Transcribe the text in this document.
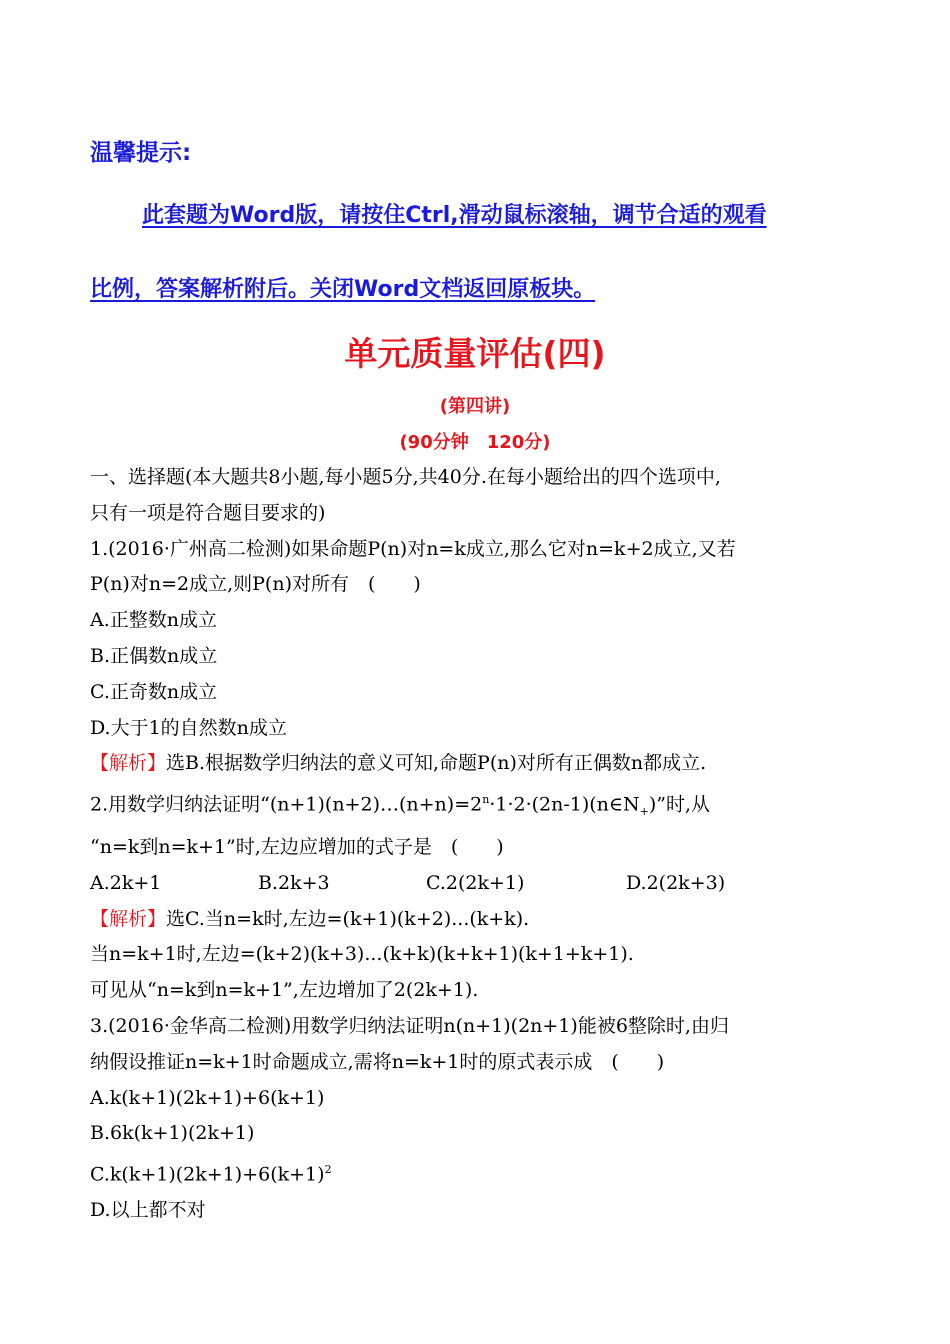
温馨提示:
此套题为Word版，请按住Ctrl,滑动鼠标滚轴，调节合适的观看
比例，答案解析附后。关闭Word文档返回原板块。
单元质量评估(四)
(第四讲)
(90分钟　120分)

一、选择题(本大题共8小题,每小题5分,共40分.在每小题给出的四个选项中,

只有一项是符合题目要求的)

1.(2016·广州高二检测)如果命题P(n)对n=k成立,那么它对n=k+2成立,又若

P(n)对n=2成立,则P(n)对所有　(　　)

A.正整数n成立

B.正偶数n成立

C.正奇数n成立

D.大于1的自然数n成立

【解析】选B.根据数学归纳法的意义可知,命题P(n)对所有正偶数n都成立.

2.用数学归纳法证明“$(n+1)(n+2)\dots(n+n)=2^n\cdot 1\cdot 2\cdot(2n-1)(n\in N_+)$”时,从

“n=k到n=k+1”时,左边应增加的式子是　(　　)

A.2k+1	B.2k+3	C.2(2k+1)	D.2(2k+3)

【解析】选C.当n=k时,左边=(k+1)(k+2)...(k+k).

当n=k+1时,左边=(k+2)(k+3)...(k+k)(k+k+1)(k+1+k+1).

可见从“n=k到n=k+1”,左边增加了2(2k+1).

3.(2016·金华高二检测)用数学归纳法证明n(n+1)(2n+1)能被6整除时,由归

纳假设推证n=k+1时命题成立,需将n=k+1时的原式表示成　(　　)

A.k(k+1)(2k+1)+6(k+1)

B.6k(k+1)(2k+1)

$C.k(k+1)(2k+1)+6(k+1)^2$

D.以上都不对
